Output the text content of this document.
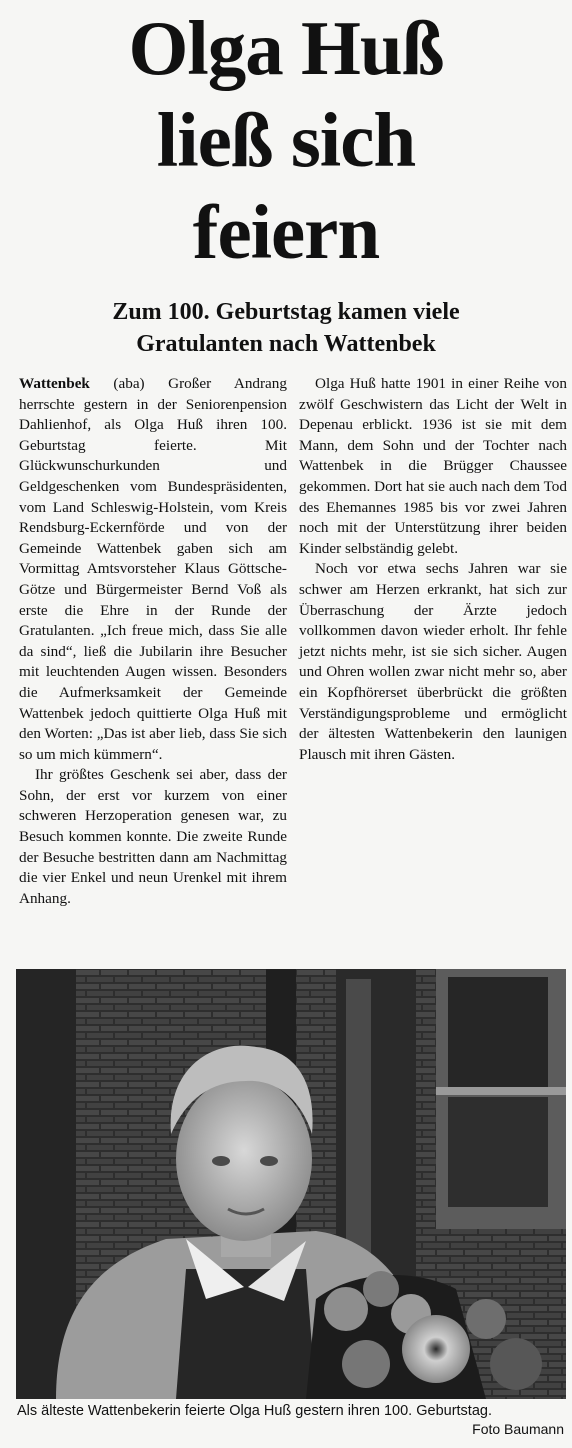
Olga Huß
ließ sich
feiern
Zum 100. Geburtstag kamen viele
Gratulanten nach Wattenbek

Wattenbek (aba) Großer Andrang herrschte gestern in der Seniorenpension Dahlienhof, als Olga Huß ihren 100. Geburtstag feierte. Mit Glückwunschurkunden und Geldgeschenken vom Bundespräsidenten, vom Land Schleswig-Holstein, vom Kreis Rendsburg-Eckernförde und von der Gemeinde Wattenbek gaben sich am Vormittag Amtsvorsteher Klaus Göttsche-Götze und Bürgermeister Bernd Voß als erste die Ehre in der Runde der Gratulanten. „Ich freue mich, dass Sie alle da sind“, ließ die Jubilarin ihre Besucher mit leuchtenden Augen wissen. Besonders die Aufmerksamkeit der Gemeinde Wattenbek jedoch quittierte Olga Huß mit den Worten: „Das ist aber lieb, dass Sie sich so um mich kümmern“.

Ihr größtes Geschenk sei aber, dass der Sohn, der erst vor kurzem von einer schweren Herzoperation genesen war, zu Besuch kommen konnte. Die zweite Runde der Besuche bestritten dann am Nachmittag die vier Enkel und neun Urenkel mit ihrem Anhang.

Olga Huß hatte 1901 in einer Reihe von zwölf Geschwistern das Licht der Welt in Depenau erblickt. 1936 ist sie mit dem Mann, dem Sohn und der Tochter nach Wattenbek in die Brügger Chaussee gekommen. Dort hat sie auch nach dem Tod des Ehemannes 1985 bis vor zwei Jahren noch mit der Unterstützung ihrer beiden Kinder selbständig gelebt.

Noch vor etwa sechs Jahren war sie schwer am Herzen erkrankt, hat sich zur Überraschung der Ärzte jedoch vollkommen davon wieder erholt. Ihr fehle jetzt nichts mehr, ist sie sich sicher. Augen und Ohren wollen zwar nicht mehr so, aber ein Kopfhörerset überbrückt die größten Verständigungsprobleme und ermöglicht der ältesten Wattenbekerin den launigen Plausch mit ihren Gästen.

Als älteste Wattenbekerin feierte Olga Huß gestern ihren 100. Geburtstag.
Foto Baumann
